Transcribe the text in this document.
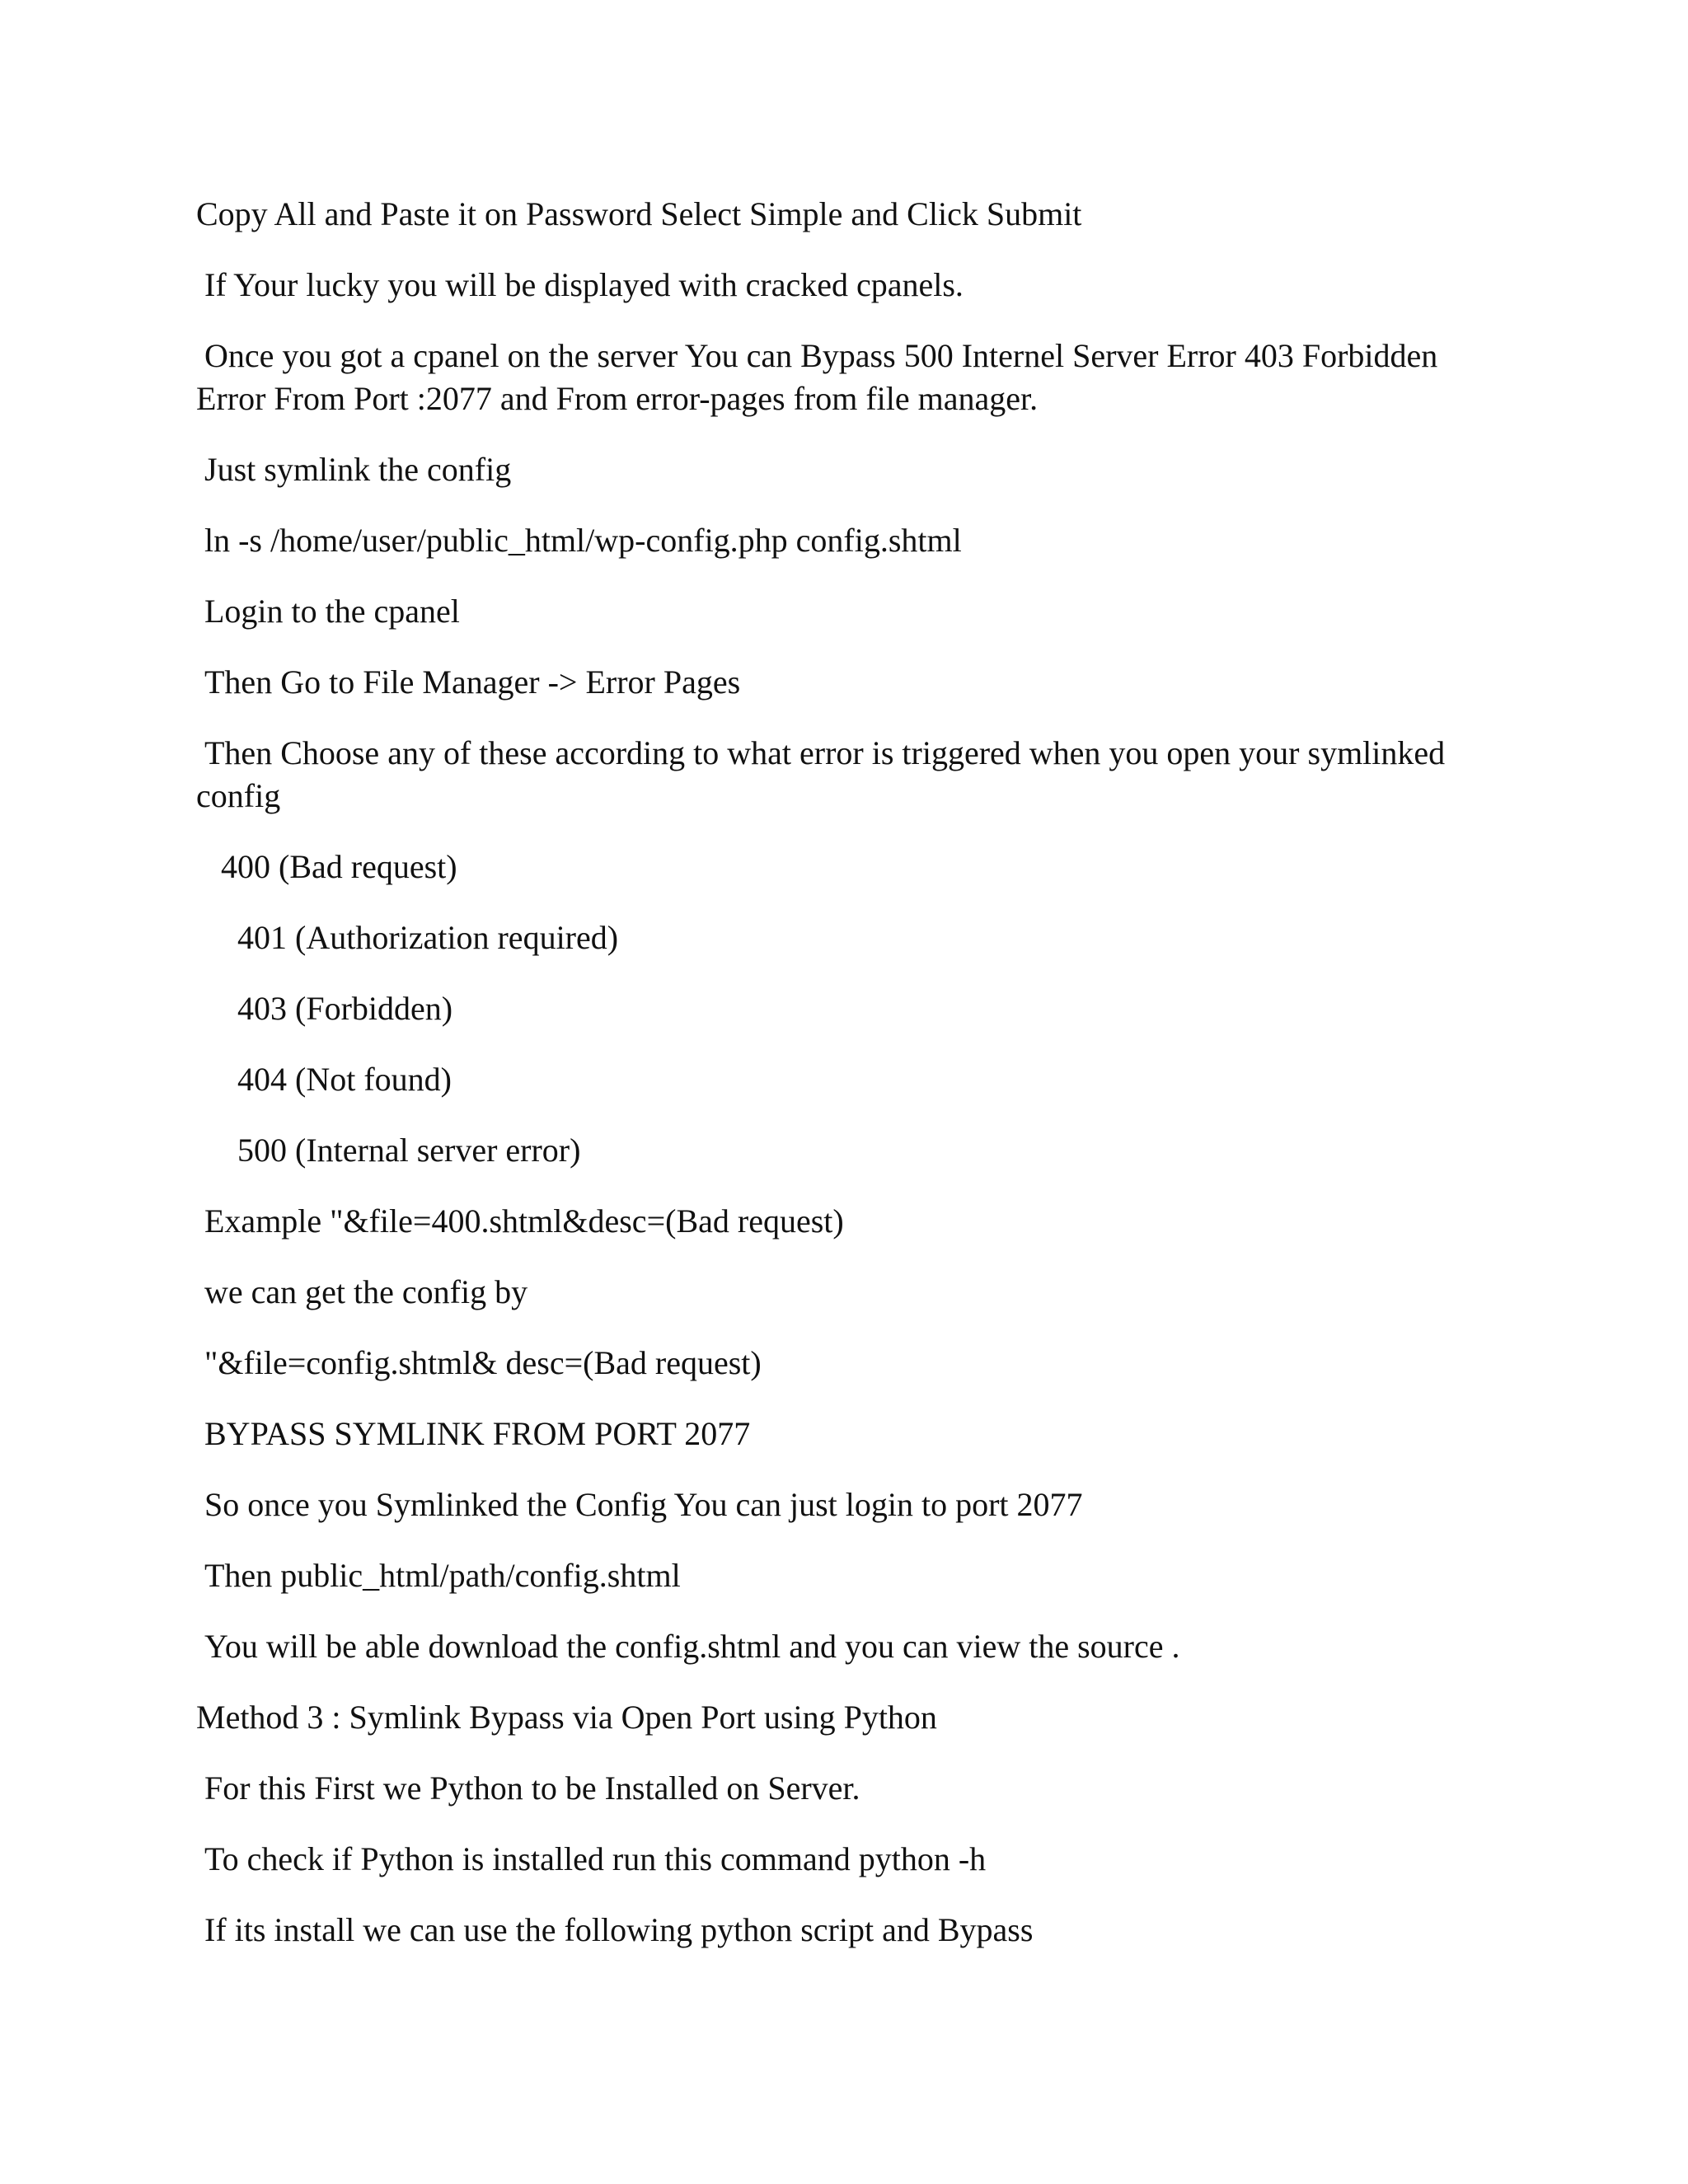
Copy All and Paste it on Password Select Simple and Click Submit

If Your lucky you will be displayed with cracked cpanels.

Once you got a cpanel on the server You can Bypass 500 Internel Server Error 403 Forbidden

Error From Port :2077 and From error-pages from file manager.

Just symlink the config

ln -s /home/user/public_html/wp-config.php config.shtml

Login to the cpanel

Then Go to File Manager -> Error Pages

Then Choose any of these according to what error is triggered when you open your symlinked

config

400 (Bad request)

401 (Authorization required)

403 (Forbidden)

404 (Not found)

500 (Internal server error)

Example "&file=400.shtml&desc=(Bad request)

we can get the config by

"&file=config.shtml& desc=(Bad request)

BYPASS SYMLINK FROM PORT 2077

So once you Symlinked the Config You can just login to port 2077

Then public_html/path/config.shtml

You will be able download the config.shtml and you can view the source .

Method 3 : Symlink Bypass via Open Port using Python

For this First we Python to be Installed on Server.

To check if Python is installed run this command python -h

If its install we can use the following python script and Bypass
